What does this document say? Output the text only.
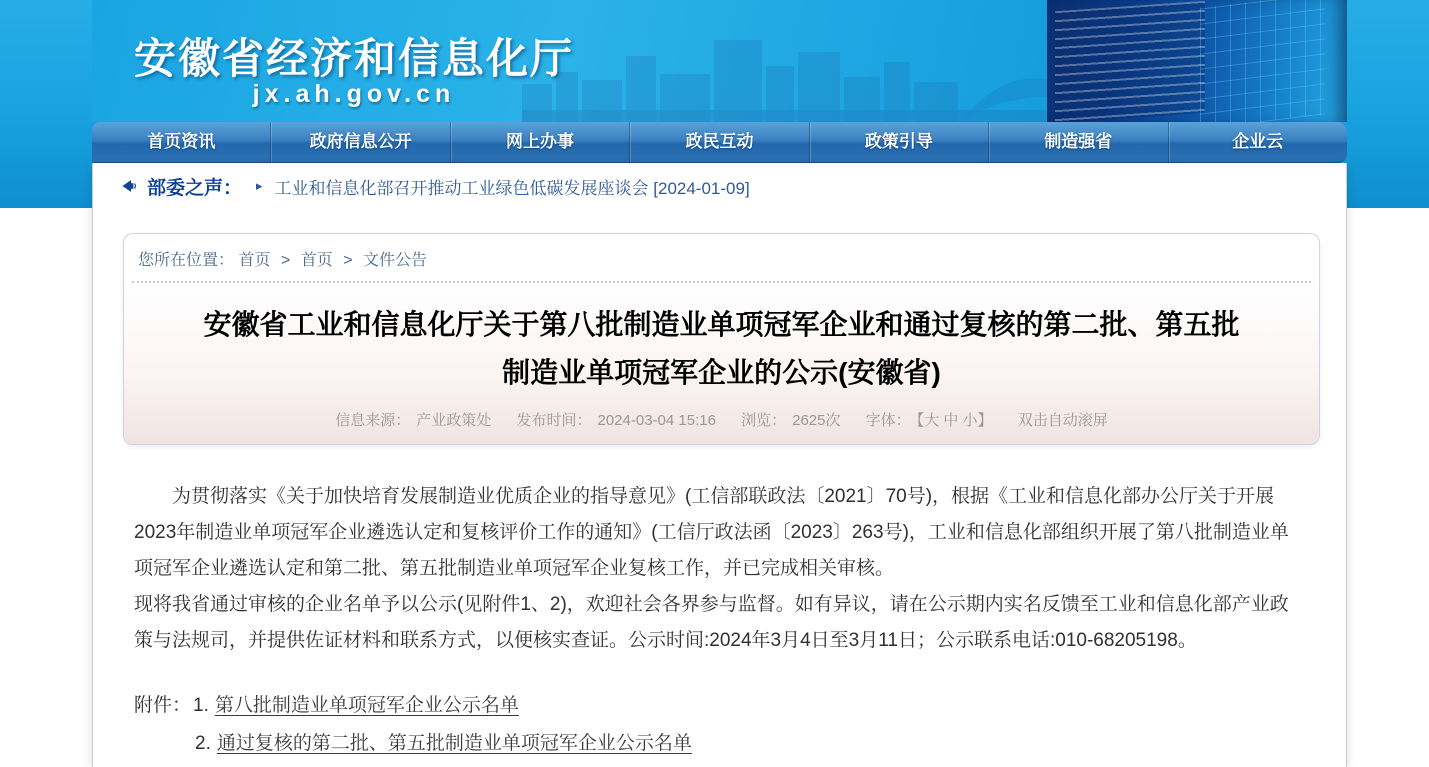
安徽省经济和信息化厅
jx.ah.gov.cn
首页资讯	政府信息公开	网上办事	政民互动	政策引导	制造强省	企业云
部委之声： ▸ 工业和信息化部召开推动工业绿色低碳发展座谈会 [2024-01-09]
您所在位置： 首页 > 首页 > 文件公告
安徽省工业和信息化厅关于第八批制造业单项冠军企业和通过复核的第二批、第五批
制造业单项冠军企业的公示(安徽省)
信息来源： 产业政策处 发布时间： 2024-03-04 15:16 浏览： 2625次 字体： 【大 中 小】 双击自动滚屏

为贯彻落实《关于加快培育发展制造业优质企业的指导意见》(工信部联政法〔2021〕70号)，根据《工业和信息化部办公厅关于开展2023年制造业单项冠军企业遴选认定和复核评价工作的通知》(工信厅政法函〔2023〕263号)，工业和信息化部组织开展了第八批制造业单项冠军企业遴选认定和第二批、第五批制造业单项冠军企业复核工作，并已完成相关审核。

现将我省通过审核的企业名单予以公示(见附件1、2)，欢迎社会各界参与监督。如有异议，请在公示期内实名反馈至工业和信息化部产业政策与法规司，并提供佐证材料和联系方式，以便核实查证。公示时间:2024年3月4日至3月11日；公示联系电话:010-68205198。

附件： 1. 第八批制造业单项冠军企业公示名单
2. 通过复核的第二批、第五批制造业单项冠军企业公示名单
